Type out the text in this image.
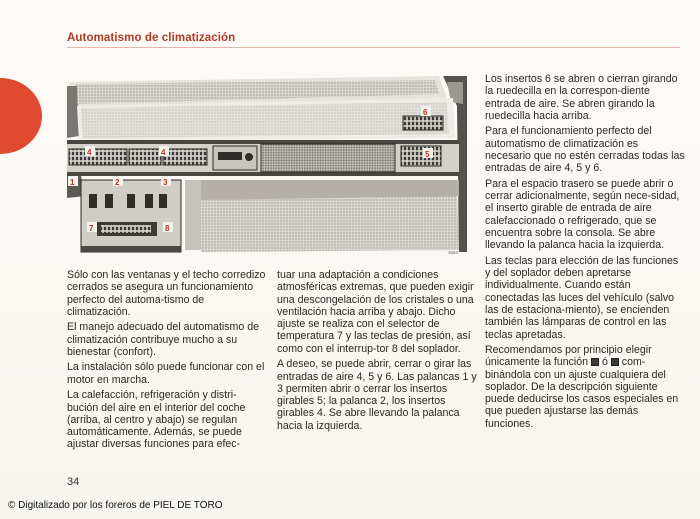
Automatismo de climatización
4	4	5
6
1	2	3
7	8
3563

Sólo con las ventanas y el techo corredizo cerrados se asegura un funcionamiento perfecto del automa-tismo de climatización.

El manejo adecuado del automatismo de climatización contribuye mucho a su bienestar (confort).

La instalación sólo puede funcionar con el motor en marcha.

La calefacción, refrigeración y distri-bución del aire en el interior del coche (arriba, al centro y abajo) se regulan automáticamente. Además, se puede ajustar diversas funciones para efec-

tuar una adaptación a condiciones atmosféricas extremas, que pueden exigir una descongelación de los cristales o una ventilación hacia arriba y abajo. Dicho ajuste se realiza con el selector de temperatura 7 y las teclas de presión, así como con el interrup-tor 8 del soplador.

A deseo, se puede abrir, cerrar o girar las entradas de aire 4, 5 y 6. Las palancas 1 y 3 permiten abrir o cerrar los insertos girables 5; la palanca 2, los insertos girables 4. Se abre llevando la palanca hacia la izquierda.

Los insertos 6 se abren o cierran girando la ruedecilla en la correspon-diente entrada de aire. Se abren girando la ruedecilla hacia arriba.

Para el funcionamiento perfecto del automatismo de climatización es necesario que no estén cerradas todas las entradas de aire 4, 5 y 6.

Para el espacio trasero se puede abrir o cerrar adicionalmente, según nece-sidad, el inserto girable de entrada de aire calefaccionado o refrigerado, que se encuentra sobre la consola. Se abre llevando la palanca hacia la izquierda.

Las teclas para elección de las funciones y del soplador deben apretarse individualmente. Cuando están conectadas las luces del vehículo (salvo las de estaciona-miento), se encienden también las lámparas de control en las teclas apretadas.

Recomendamos por principio elegir únicamente la función ó com-binándola con un ajuste cualquiera del soplador. De la descripción siguiente puede deducirse los casos especiales en que pueden ajustarse las demás funciones.

34
© Digitalizado por los foreros de PIEL DE TORO
